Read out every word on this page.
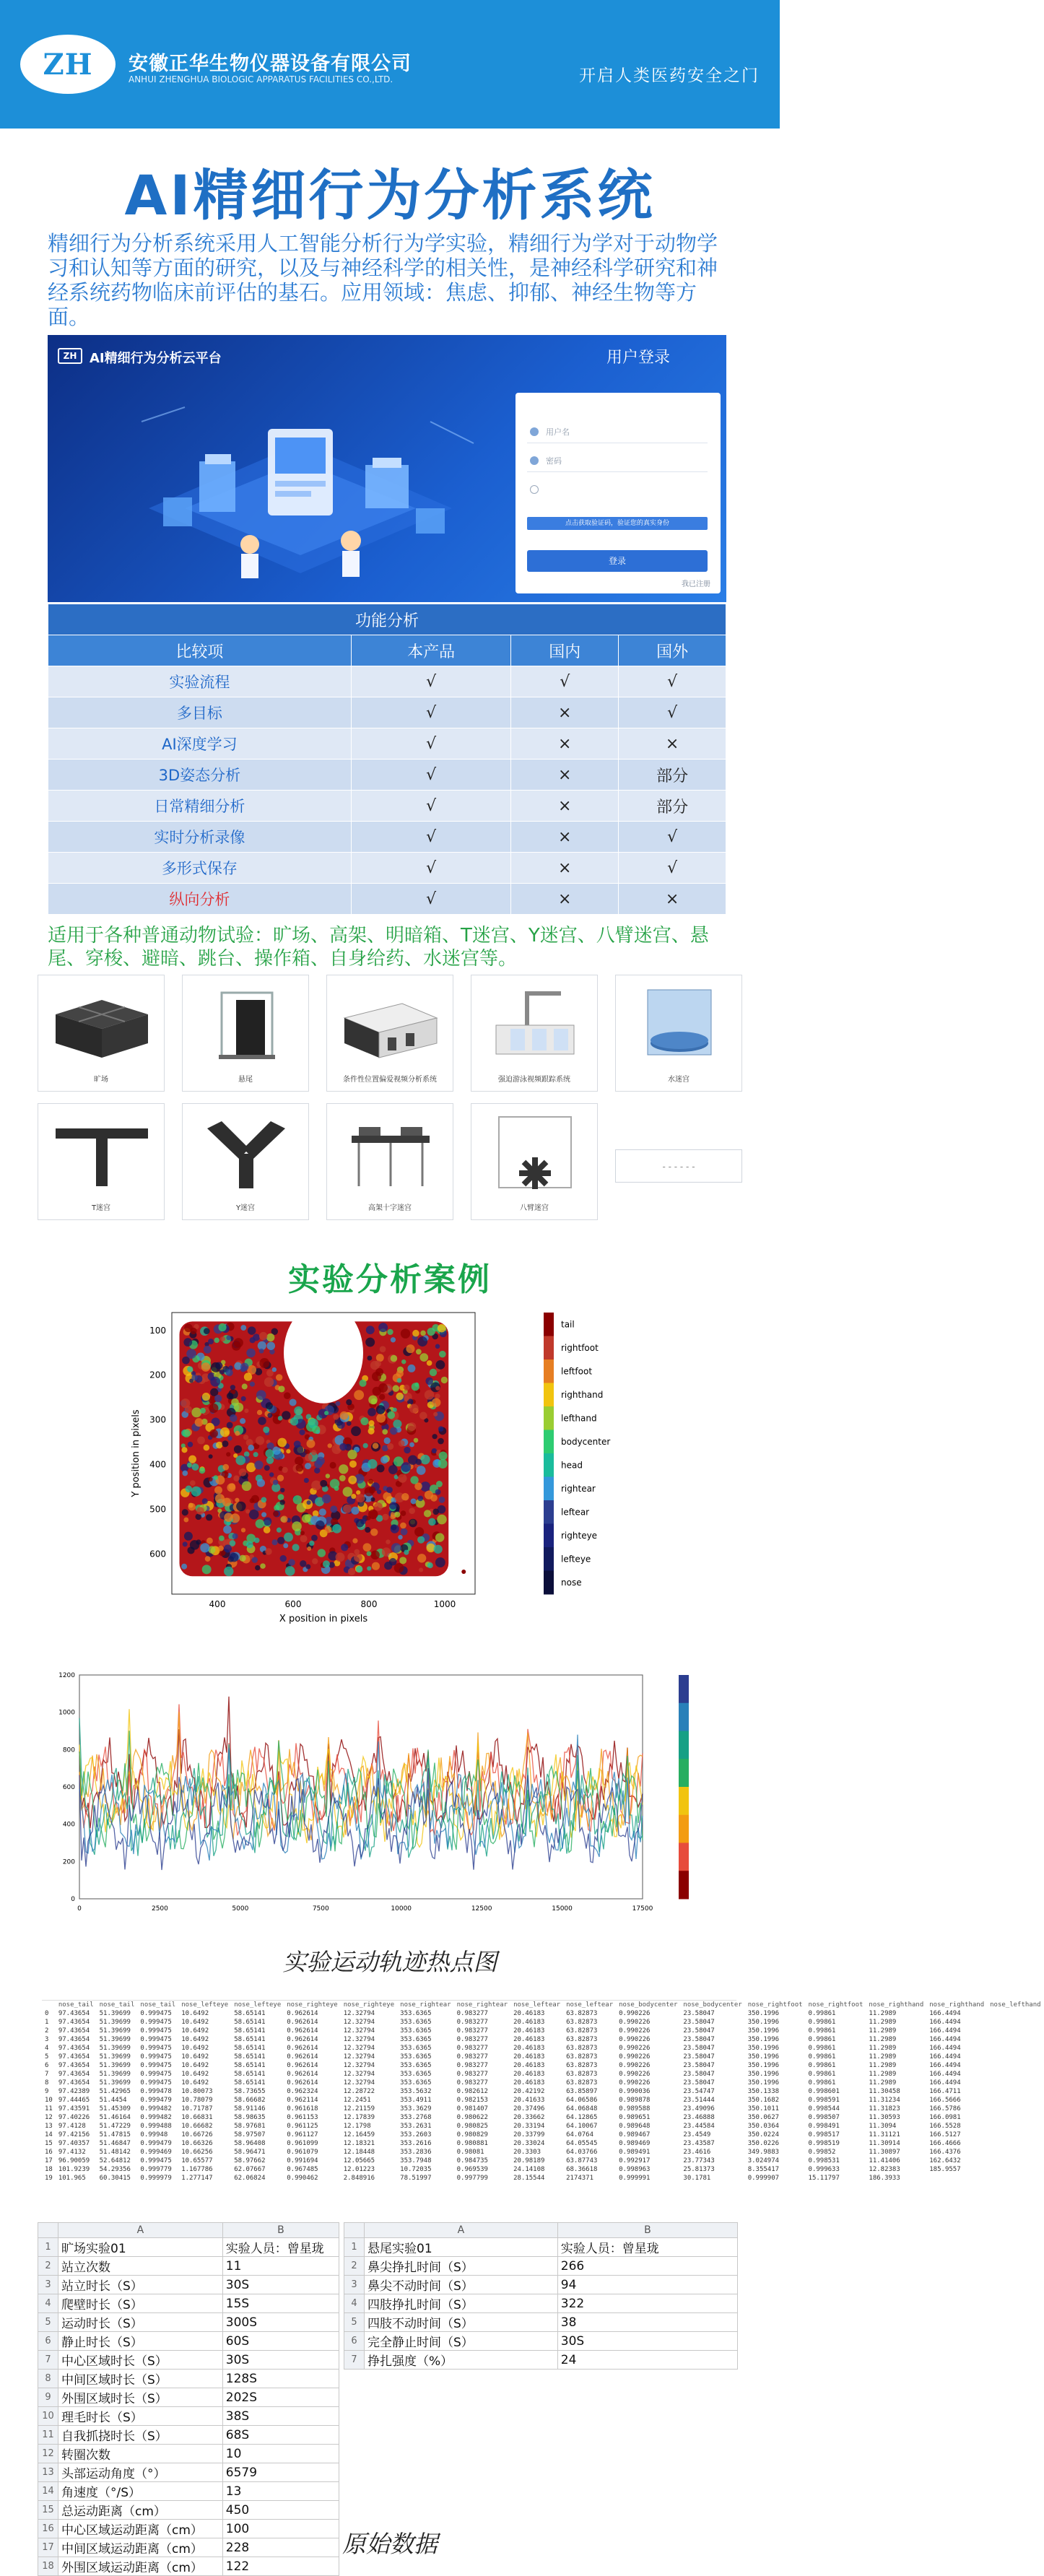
ZH 安徽正华生物仪器设备有限公司
ANHUI ZHENGHUA BIOLOGIC APPARATUS FACILITIES CO.,LTD.	开启人类医药安全之门
AI精细行为分析系统
精细行为分析系统采用人工智能分析行为学实验，精细行为学对于动物学习和认知等方面的研究，以及与神经科学的相关性，是神经科学研究和神经系统药物临床前评估的基石。应用领域：焦虑、抑郁、神经生物等方面。
ZH AI精细行为分析云平台	用户登录
用户名
密码
点击获取验证码，验证您的真实身份
登录
我已注册
功能分析			
比较项	本产品	国内	国外
实验流程	√	√	√
多目标	√	×	√
AI深度学习	√	×	×
3D姿态分析	√	×	部分
日常精细分析	√	×	部分
实时分析录像	√	×	√
多形式保存	√	×	√
纵向分析	√	×	×
适用于各种普通动物试验：旷场、高架、明暗箱、T迷宫、Y迷宫、八臂迷宫、悬尾、穿梭、避暗、跳台、操作箱、自身给药、水迷宫等。
旷场	悬尾	条件性位置偏爱视频分析系统	强迫游泳视频跟踪系统	水迷宫
T迷宫	Y迷宫	高架十字迷宫	八臂迷宫
- - - - - -
实验分析案例
400	600	800	1000
100
200
300
400
500
600
X position in pixels
Y position in pixels
tail
rightfoot
leftfoot
righthand
lefthand
bodycenter
head
rightear
leftear
righteye
lefteye
nose
0	2500	5000	7500	10000	12500	15000	17500
0
200
400
600
800
1000
1200
实验运动轨迹热点图
	nose_tail	nose_tail	nose_tail	nose_lefteye	nose_lefteye	nose_righteye	nose_righteye	nose_rightear	nose_rightear	nose_leftear	nose_leftear	nose_bodycenter	nose_bodycenter	nose_rightfoot	nose_rightfoot	nose_righthand	nose_righthand	nose_lefthand
0	97.43654	51.39699	0.999475	10.6492	58.65141	0.962614	12.32794	353.6365	0.983277	20.46183	63.82873	0.990226	23.58047	350.1996	0.99861	11.2989	166.4494	
1	97.43654	51.39699	0.999475	10.6492	58.65141	0.962614	12.32794	353.6365	0.983277	20.46183	63.82873	0.990226	23.58047	350.1996	0.99861	11.2989	166.4494	
2	97.43654	51.39699	0.999475	10.6492	58.65141	0.962614	12.32794	353.6365	0.983277	20.46183	63.82873	0.990226	23.58047	350.1996	0.99861	11.2989	166.4494	
3	97.43654	51.39699	0.999475	10.6492	58.65141	0.962614	12.32794	353.6365	0.983277	20.46183	63.82873	0.990226	23.58047	350.1996	0.99861	11.2989	166.4494	
4	97.43654	51.39699	0.999475	10.6492	58.65141	0.962614	12.32794	353.6365	0.983277	20.46183	63.82873	0.990226	23.58047	350.1996	0.99861	11.2989	166.4494	
5	97.43654	51.39699	0.999475	10.6492	58.65141	0.962614	12.32794	353.6365	0.983277	20.46183	63.82873	0.990226	23.58047	350.1996	0.99861	11.2989	166.4494	
6	97.43654	51.39699	0.999475	10.6492	58.65141	0.962614	12.32794	353.6365	0.983277	20.46183	63.82873	0.990226	23.58047	350.1996	0.99861	11.2989	166.4494	
7	97.43654	51.39699	0.999475	10.6492	58.65141	0.962614	12.32794	353.6365	0.983277	20.46183	63.82873	0.990226	23.58047	350.1996	0.99861	11.2989	166.4494	
8	97.43654	51.39699	0.999475	10.6492	58.65141	0.962614	12.32794	353.6365	0.983277	20.46183	63.82873	0.990226	23.58047	350.1996	0.99861	11.2989	166.4494	
9	97.42389	51.42965	0.999478	10.80073	58.73655	0.962324	12.28722	353.5632	0.982612	20.42192	63.85897	0.990036	23.54747	350.1338	0.998601	11.30458	166.4711	
10	97.44465	51.4454	0.999479	10.78079	58.66682	0.962114	12.2451	353.4911	0.982153	20.41633	64.06586	0.989878	23.51444	350.1682	0.998591	11.31234	166.5666	
11	97.43591	51.45309	0.999482	10.71787	58.91146	0.961618	12.21159	353.3629	0.981407	20.37496	64.06848	0.989588	23.49096	350.1011	0.998544	11.31823	166.5786	
12	97.40226	51.46164	0.999482	10.66831	58.98635	0.961153	12.17839	353.2768	0.980622	20.33662	64.12865	0.989651	23.46888	350.0627	0.998507	11.30593	166.0981	
13	97.4128	51.47229	0.999488	10.66682	58.97681	0.961125	12.1798	353.2631	0.980825	20.33194	64.10067	0.989648	23.44584	350.0364	0.998491	11.3094	166.5528	
14	97.42156	51.47815	0.99948	10.66726	58.97507	0.961127	12.16459	353.2603	0.980829	20.33799	64.0764	0.989467	23.4549	350.0224	0.998517	11.31121	166.5127	
15	97.40357	51.46847	0.999479	10.66326	58.96408	0.961099	12.18321	353.2616	0.980881	20.33024	64.05545	0.989469	23.43587	350.0226	0.998519	11.30914	166.4666	
16	97.4132	51.48142	0.999469	10.66256	58.96471	0.961079	12.18448	353.2836	0.98081	20.3303	64.03766	0.989491	23.4616	349.9883	0.99852	11.30897	166.4376	
17	96.90059	52.64812	0.999475	10.65577	58.97662	0.991694	12.05665	353.7948	0.984735	20.98189	63.87743	0.992917	23.77343	3.024974	0.998531	11.41406	162.6432	
18	101.9239	54.29356	0.999779	1.167786	62.07667	0.967485	12.01223	10.72035	0.969539	24.14108	68.36618	0.998963	25.81373	8.355417	0.999633	12.82383	185.9557	
19	101.965	60.30415	0.999979	1.277147	62.06824	0.990462	2.848916	78.51997	0.997799	28.15544	2174371	0.999991	30.1781	0.999907	15.11797	186.3933		
	A	B
1	旷场实验01	实验人员：曾星珑
2	站立次数	11
3	站立时长（S）	30S
4	爬壁时长（S）	15S
5	运动时长（S）	300S
6	静止时长（S）	60S
7	中心区域时长（S）	30S
8	中间区域时长（S）	128S
9	外围区域时长（S）	202S
10	理毛时长（S）	38S
11	自我抓挠时长（S）	68S
12	转圈次数	10
13	头部运动角度（°）	6579
14	角速度（°/S）	13
15	总运动距离（cm）	450
16	中心区域运动距离（cm）	100
17	中间区域运动距离（cm）	228
18	外围区域运动距离（cm）	122
	A	B
1	悬尾实验01	实验人员：曾星珑
2	鼻尖挣扎时间（S）	266
3	鼻尖不动时间（S）	94
4	四肢挣扎时间（S）	322
5	四肢不动时间（S）	38
6	完全静止时间（S）	30S
7	挣扎强度（%）	24
原始数据
